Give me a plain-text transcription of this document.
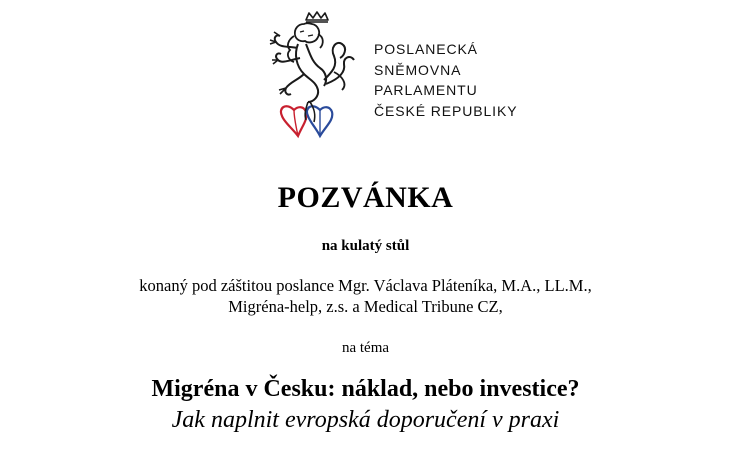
POSLANECKÁ
SNĚMOVNA
PARLAMENTU
ČESKÉ REPUBLIKY
POZVÁNKA
na kulatý stůl
konaný pod záštitou poslance Mgr. Václava Pláteníka, M.A., LL.M.,
Migréna-help, z.s. a Medical Tribune CZ,
na téma
Migréna v Česku: náklad, nebo investice?
Jak naplnit evropská doporučení v praxi
